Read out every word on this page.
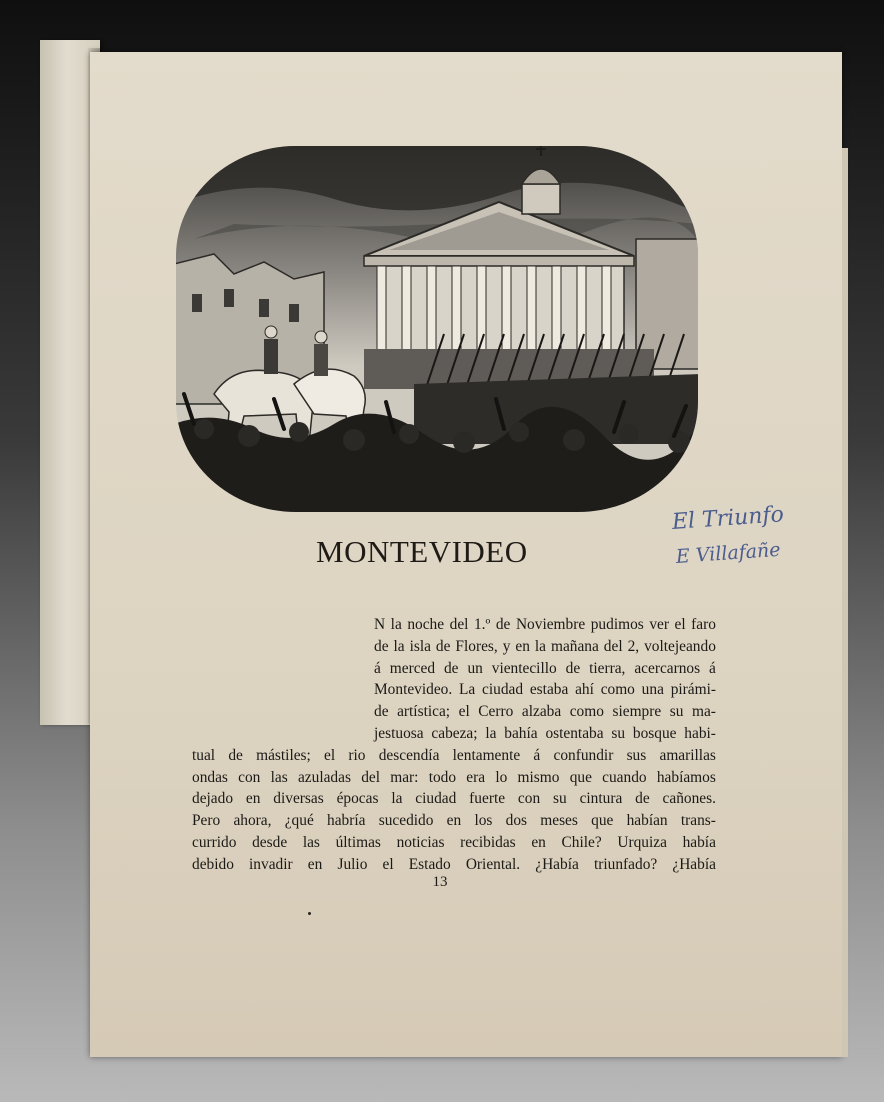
MONTEVIDEO
El Triunfo
E Villafañe
N la noche del 1.º de Noviembre pudimos ver el faro
de la isla de Flores, y en la mañana del 2, voltejeando
á merced de un vientecillo de tierra, acercarnos á
Montevideo. La ciudad estaba ahí como una pirámi-
de artística; el Cerro alzaba como siempre su ma-
jestuosa cabeza; la bahía ostentaba su bosque habi-
tual de mástiles; el rio descendía lentamente á confundir sus amarillas
ondas con las azuladas del mar: todo era lo mismo que cuando habíamos
dejado en diversas épocas la ciudad fuerte con su cintura de cañones.
Pero ahora, ¿qué habría sucedido en los dos meses que habían trans-
currido desde las últimas noticias recibidas en Chile? Urquiza había
debido invadir en Julio el Estado Oriental. ¿Había triunfado? ¿Había
13
